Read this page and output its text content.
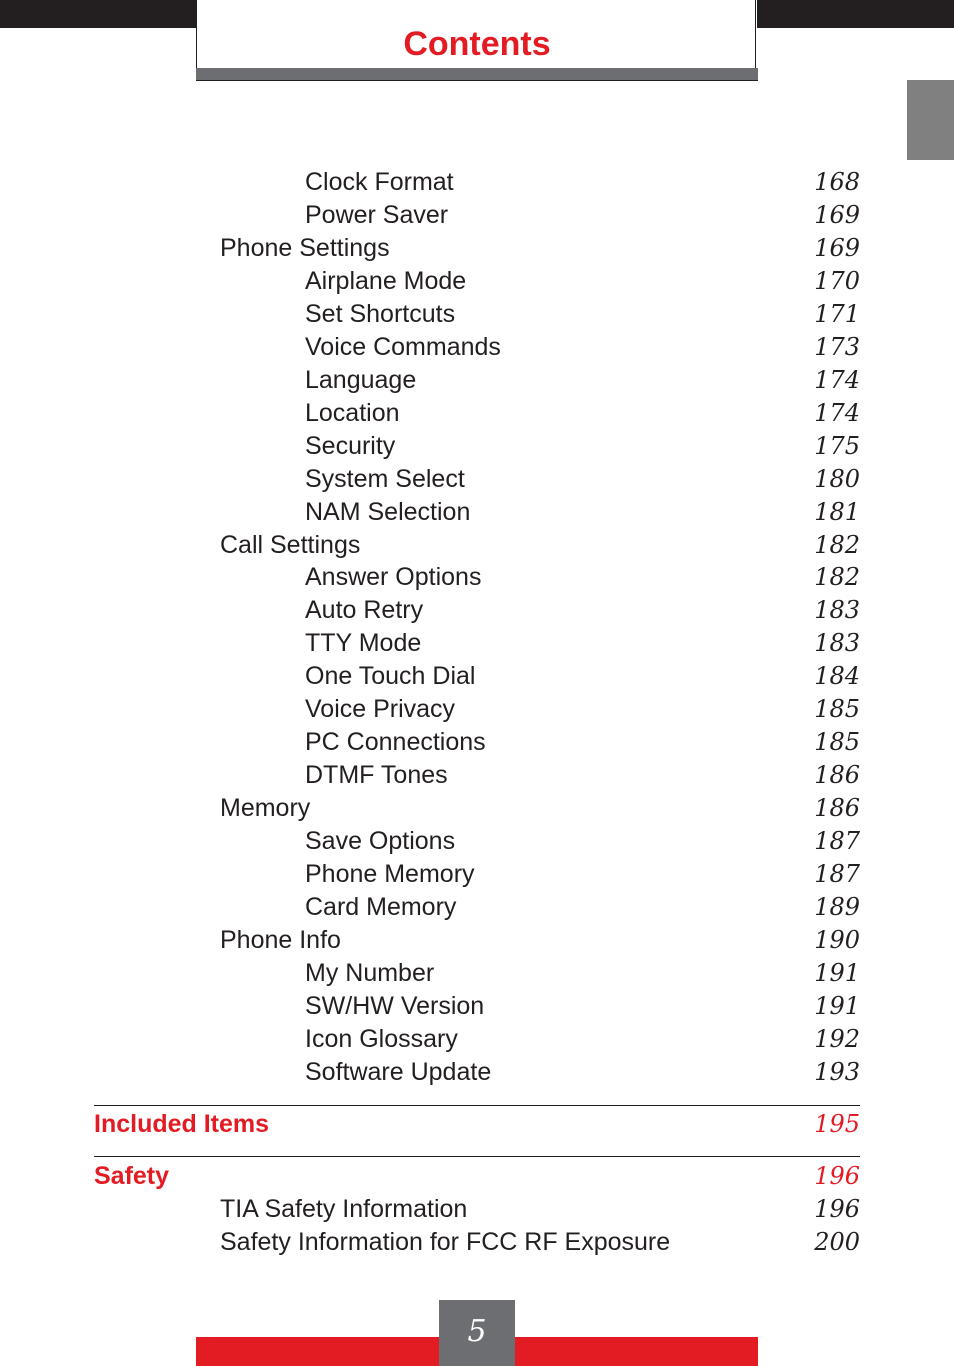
Contents
Clock Format	168
Power Saver	169
Phone Settings	169
Airplane Mode	170
Set Shortcuts	171
Voice Commands	173
Language	174
Location	174
Security	175
System Select	180
NAM Selection	181
Call Settings	182
Answer Options	182
Auto Retry	183
TTY Mode	183
One Touch Dial	184
Voice Privacy	185
PC Connections	185
DTMF Tones	186
Memory	186
Save Options	187
Phone Memory	187
Card Memory	189
Phone Info	190
My Number	191
SW/HW Version	191
Icon Glossary	192
Software Update	193
Included Items	195
Safety	196
TIA Safety Information	196
Safety Information for FCC RF Exposure	200
5
